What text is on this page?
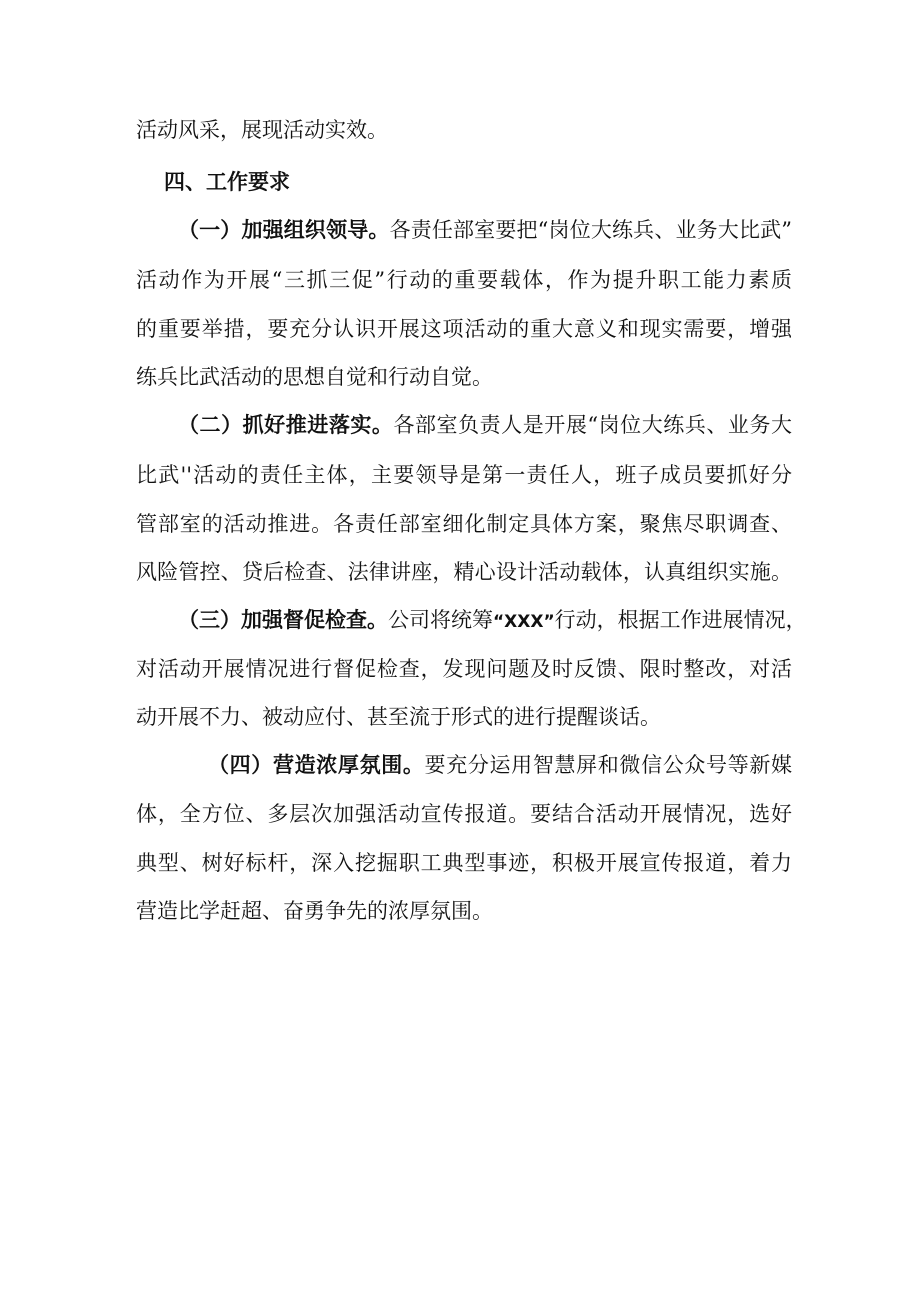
活动风采，展现活动实效。
四、工作要求
（一）加强组织领导。各责任部室要把“岗位大练兵、业务大比武”
活动作为开展“三抓三促”行动的重要载体，作为提升职工能力素质
的重要举措，要充分认识开展这项活动的重大意义和现实需要，增强
练兵比武活动的思想自觉和行动自觉。
（二）抓好推进落实。各部室负责人是开展“岗位大练兵、业务大
比武''活动的责任主体，主要领导是第一责任人，班子成员要抓好分
管部室的活动推进。各责任部室细化制定具体方案，聚焦尽职调查、
风险管控、贷后检查、法律讲座，精心设计活动载体，认真组织实施。
（三）加强督促检查。公司将统筹“XXX”行动，根据工作进展情况，
对活动开展情况进行督促检查，发现问题及时反馈、限时整改，对活
动开展不力、被动应付、甚至流于形式的进行提醒谈话。
（四）营造浓厚氛围。要充分运用智慧屏和微信公众号等新媒
体，全方位、多层次加强活动宣传报道。要结合活动开展情况，选好
典型、树好标杆，深入挖掘职工典型事迹，积极开展宣传报道，着力
营造比学赶超、奋勇争先的浓厚氛围。
